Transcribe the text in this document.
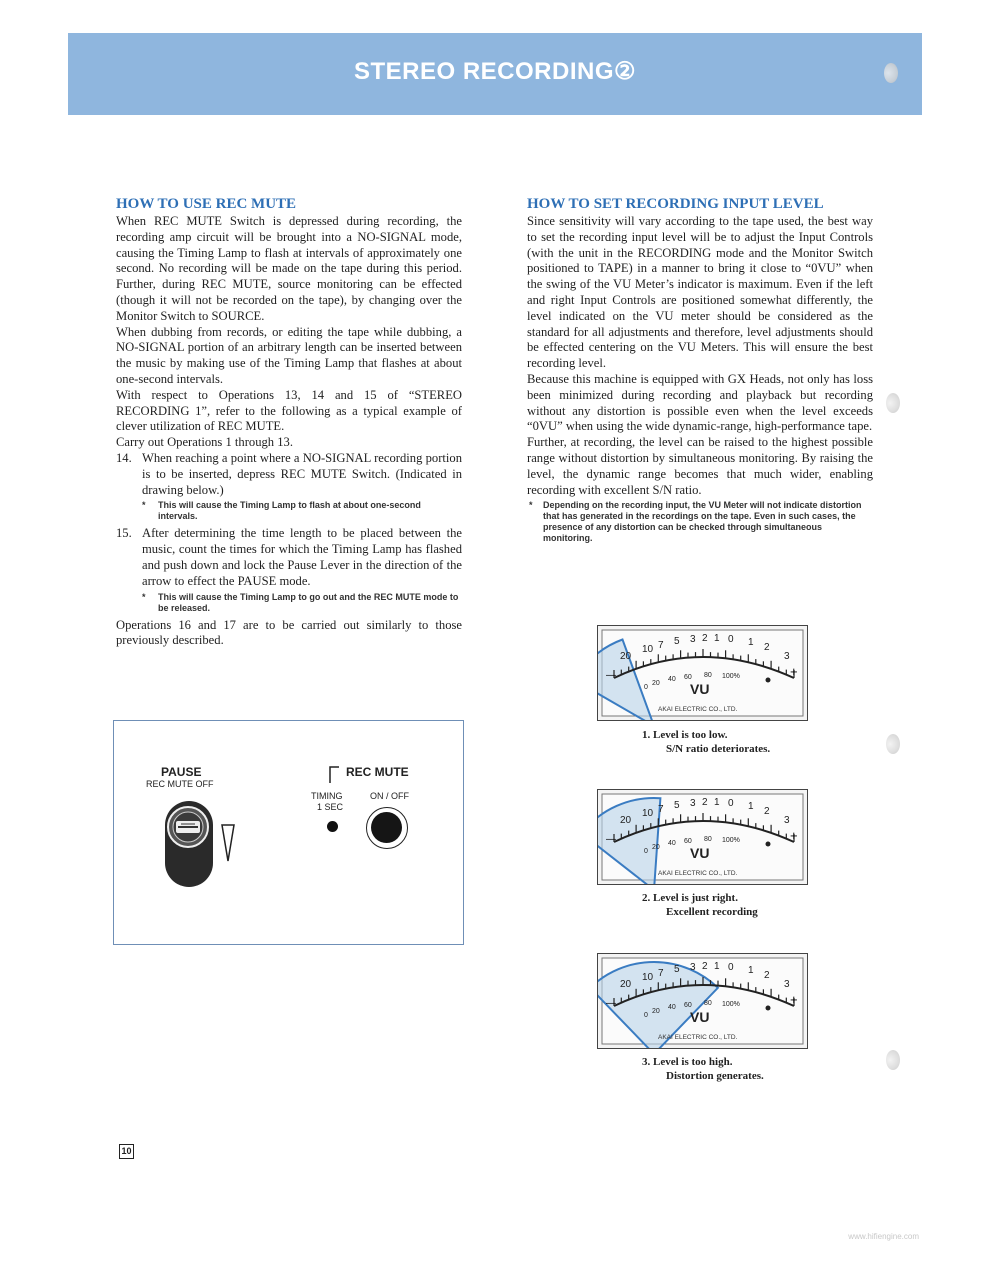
STEREO RECORDING②
HOW TO USE REC MUTE

When REC MUTE Switch is depressed during recording, the recording amp circuit will be brought into a NO-SIGNAL mode, causing the Timing Lamp to flash at intervals of approximately one second. No recording will be made on the tape during this period. Further, during REC MUTE, source monitoring can be effected (though it will not be recorded on the tape), by changing over the Monitor Switch to SOURCE.

When dubbing from records, or editing the tape while dubbing, a NO-SIGNAL portion of an arbitrary length can be inserted between the music by making use of the Timing Lamp that flashes at about one-second intervals.

With respect to Operations 13, 14 and 15 of “STEREO RECORDING 1”, refer to the following as a typical example of clever utilization of REC MUTE.

Carry out Operations 1 through 13.

14. When reaching a point where a NO-SIGNAL recording portion is to be inserted, depress REC MUTE Switch. (Indicated in drawing below.)

* This will cause the Timing Lamp to flash at about one-second intervals.

15. After determining the time length to be placed between the music, count the times for which the Timing Lamp has flashed and push down and lock the Pause Lever in the direction of the arrow to effect the PAUSE mode.

* This will cause the Timing Lamp to go out and the REC MUTE mode to be released.

Operations 16 and 17 are to be carried out similarly to those previously described.

PAUSE
REC MUTE OFF
REC MUTE
TIMING
1 SEC
ON / OFF
HOW TO SET RECORDING INPUT LEVEL

Since sensitivity will vary according to the tape used, the best way to set the recording input level will be to adjust the Input Controls (with the unit in the RECORDING mode and the Monitor Switch positioned to TAPE) in a manner to bring it close to “0VU” when the swing of the VU Meter’s indicator is maximum. Even if the left and right Input Controls are positioned somewhat differently, the level indicated on the VU meter should be considered as the standard for all adjustments and therefore, level adjustments should be effected centering on the VU Meters. This will ensure the best recording level.

Because this machine is equipped with GX Heads, not only has loss been minimized during recording and playback but recording without any distortion is possible even when the level exceeds “0VU” when using the wide dynamic-range, high-performance tape.

Further, at recording, the level can be raised to the highest possible range without distortion by simultaneous monitoring. By raising the level, the dynamic range becomes that much wider, enabling recording with excellent S/N ratio.

* Depending on the recording input, the VU Meter will not indicate distortion that has generated in the recordings on the tape. Even in such cases, the presence of any distortion can be checked through simultaneous monitoring.
20
10 7 5 3 2 1 0 1 2
3
0
20
40 60 80 100%
—	+
VU
AKAI ELECTRIC CO., LTD.
1. Level is too low.
S/N ratio deteriorates.
20
10 7 5 3 2 1 0 1 2
3
0
20
40 60 80 100%
—	+
VU
AKAI ELECTRIC CO., LTD.
2. Level is just right.
Excellent recording
20
10 7 5 3 2 1 0 1 2
3
0
20
40 60 80 100%
—	+
VU
AKAI ELECTRIC CO., LTD.
3. Level is too high.
Distortion generates.
10
www.hifiengine.com
